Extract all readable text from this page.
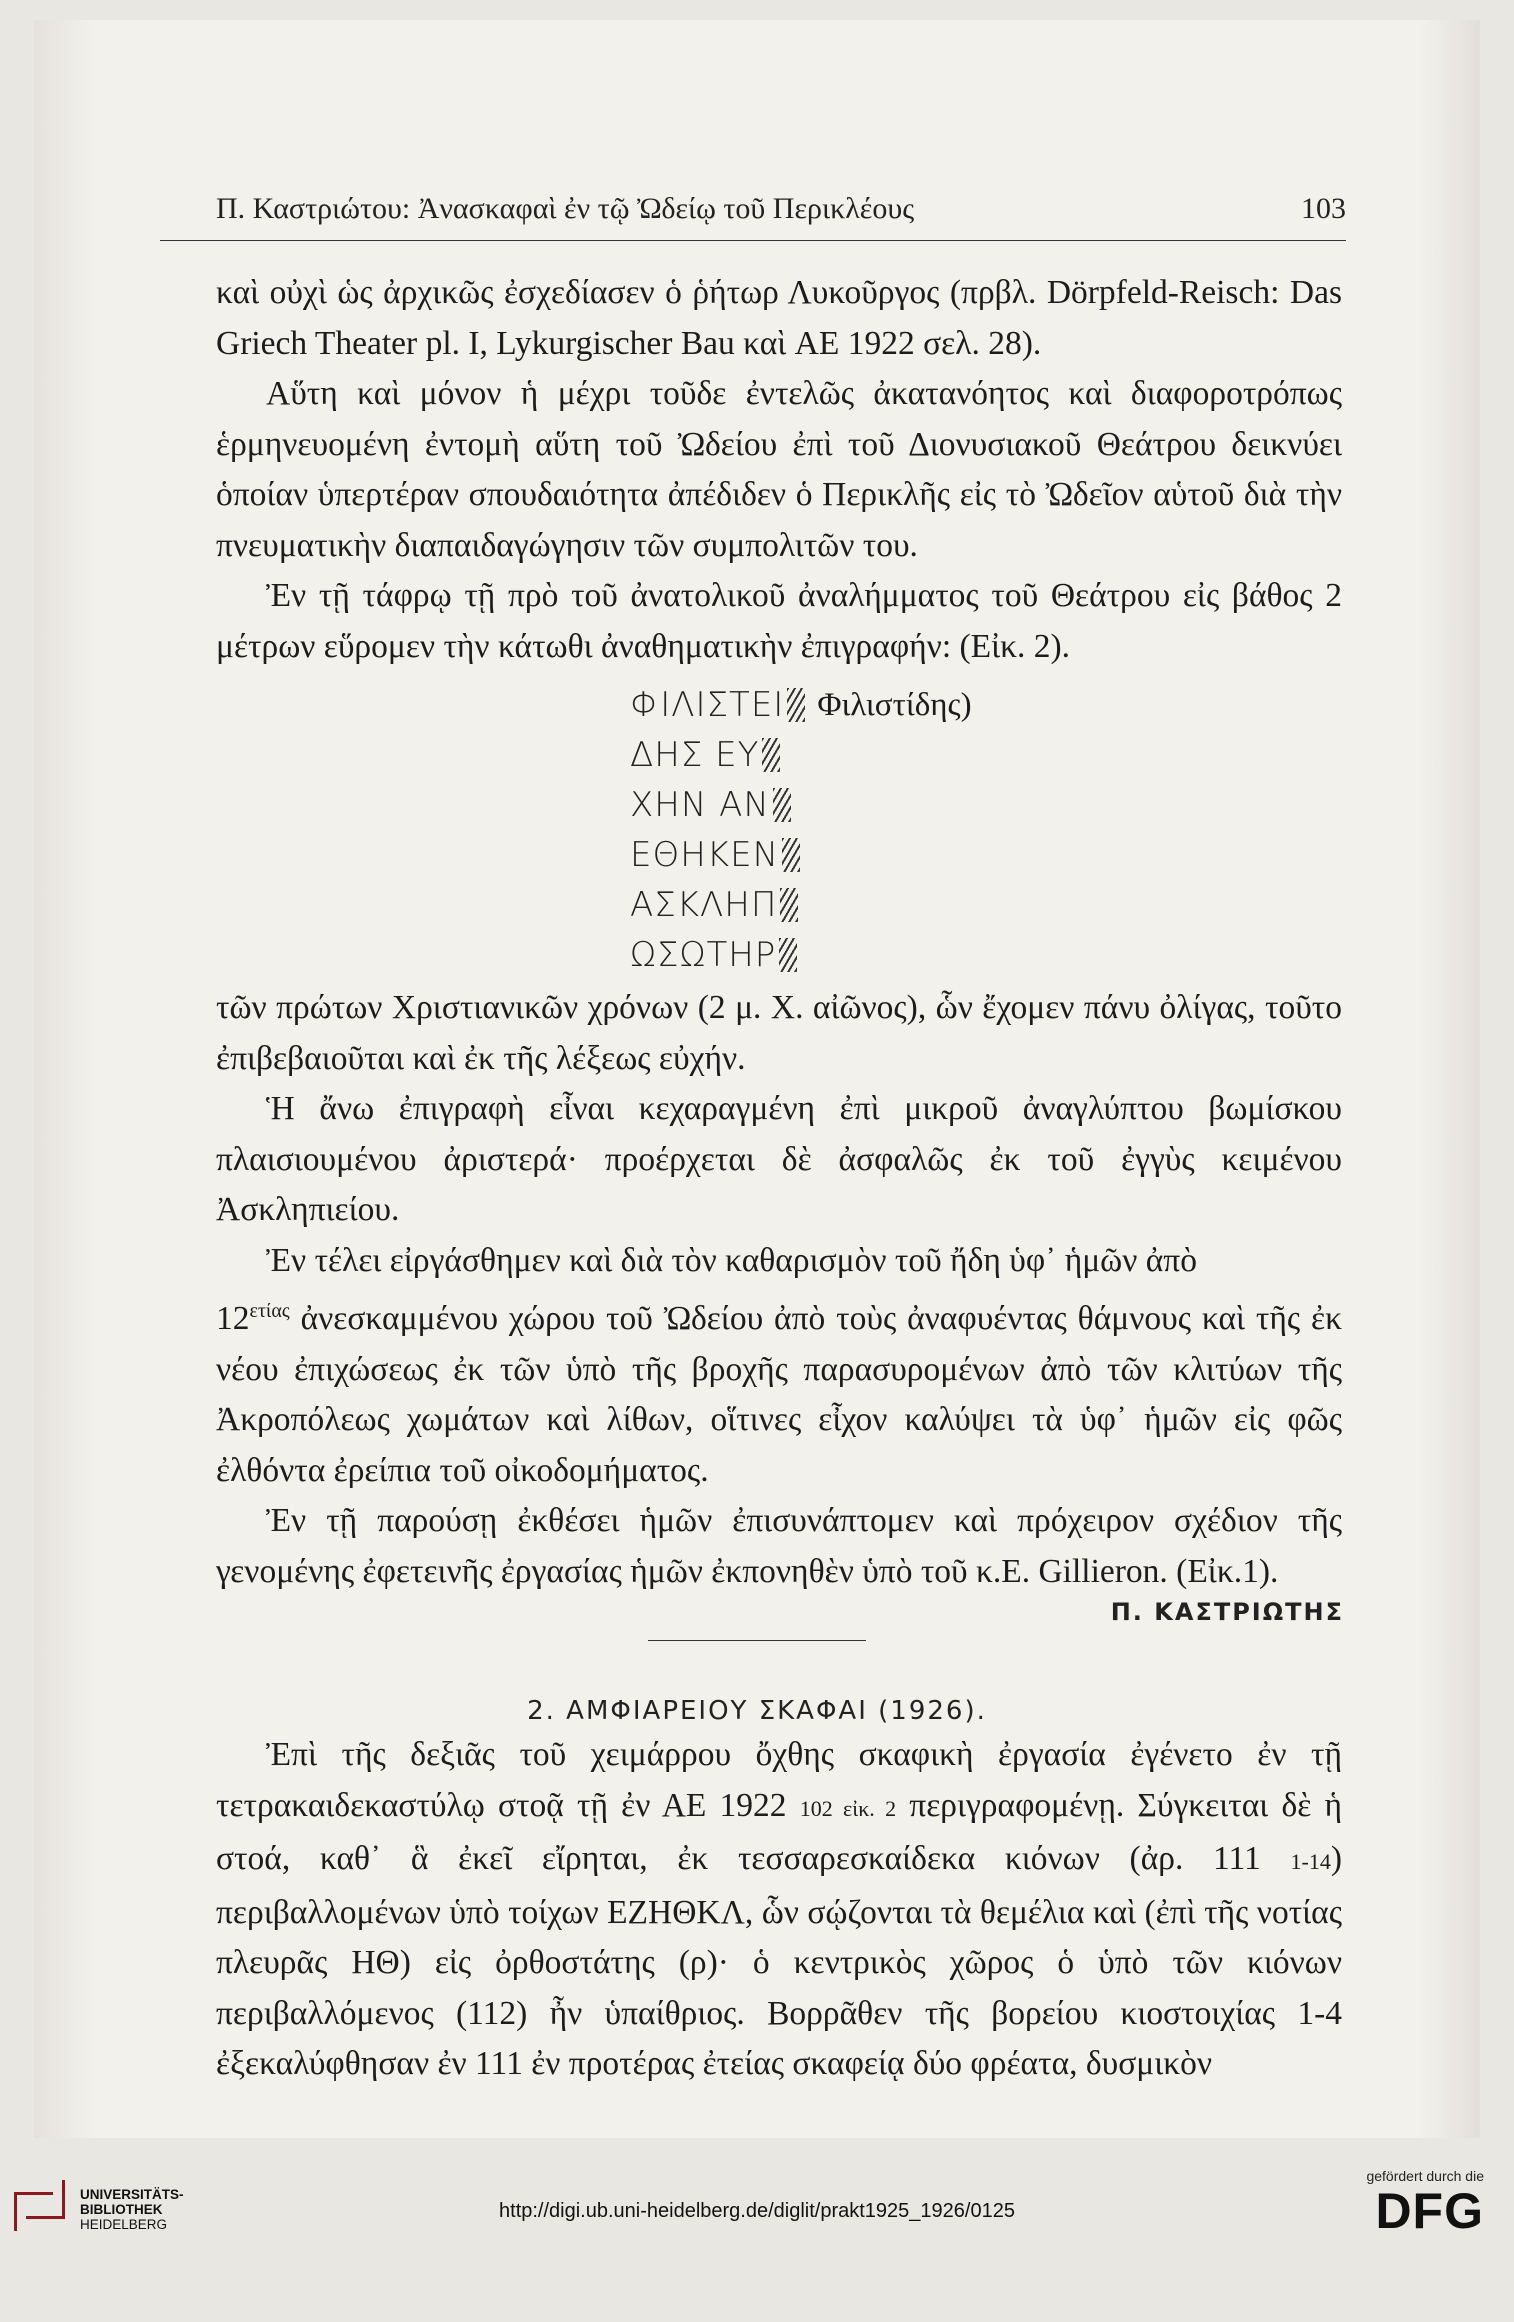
Π. Καστριώτου: Ἀνασκαφαὶ ἐν τῷ Ὠδείῳ τοῦ Περικλέους	103

καὶ οὐχὶ ὡς ἀρχικῶς ἐσχεδίασεν ὁ ῥήτωρ Λυκοῦργος (πρβλ. Dörpfeld-Reisch: Das Griech Theater pl. I, Lykurgischer Bau καὶ AE 1922 σελ. 28).

Αὕτη καὶ μόνον ἡ μέχρι τοῦδε ἐντελῶς ἀκατανόητος καὶ διαφοροτρόπως ἑρμηνευομένη ἐντομὴ αὕτη τοῦ Ὠδείου ἐπὶ τοῦ Διονυσιακοῦ Θεάτρου δεικνύει ὁποίαν ὑπερτέραν σπουδαιότητα ἀπέδιδεν ὁ Περικλῆς εἰς τὸ Ὠδεῖον αὑτοῦ διὰ τὴν πνευματικὴν διαπαιδαγώγησιν τῶν συμπολιτῶν του.

Ἐν τῇ τάφρῳ τῇ πρὸ τοῦ ἀνατολικοῦ ἀναλήμματος τοῦ Θεάτρου εἰς βάθος 2 μέτρων εὕρομεν τὴν κάτωθι ἀναθηματικὴν ἐπιγραφήν: (Εἰκ. 2).

ΦΙΛΙΣΤΕΙ Φιλιστίδης)
ΔΗΣ ΕΥ
ΧΗΝ ΑΝ
ΕΘΗΚΕΝ
ΑΣΚΛΗΠ
ΩΣΩΤΗΡ

τῶν πρώτων Χριστιανικῶν χρόνων (2 μ. Χ. αἰῶνος), ὧν ἔχομεν πάνυ ὀλίγας, τοῦτο ἐπιβεβαιοῦται καὶ ἐκ τῆς λέξεως εὐχήν.

Ἡ ἄνω ἐπιγραφὴ εἶναι κεχαραγμένη ἐπὶ μικροῦ ἀναγλύπτου βωμίσκου πλαισιουμένου ἀριστερά· προέρχεται δὲ ἀσφαλῶς ἐκ τοῦ ἐγγὺς κειμένου Ἀσκληπιείου.

Ἐν τέλει εἰργάσθημεν καὶ διὰ τὸν καθαρισμὸν τοῦ ἤδη ὑφ᾿ ἡμῶν ἀπὸ

$12^{\varepsilon\tau ί\alpha\varsigma}$ ἀνεσκαμμένου χώρου τοῦ Ὠδείου ἀπὸ τοὺς ἀναφυέντας θάμνους καὶ τῆς ἐκ νέου ἐπιχώσεως ἐκ τῶν ὑπὸ τῆς βροχῆς παρασυρομένων ἀπὸ τῶν κλιτύων τῆς Ἀκροπόλεως χωμάτων καὶ λίθων, οἵτινες εἶχον καλύψει τὰ ὑφ᾿ ἡμῶν εἰς φῶς ἐλθόντα ἐρείπια τοῦ οἰκοδομήματος.

Ἐν τῇ παρούσῃ ἐκθέσει ἡμῶν ἐπισυνάπτομεν καὶ πρόχειρον σχέδιον τῆς γενομένης ἐφετεινῆς ἐργασίας ἡμῶν ἐκπονηθὲν ὑπὸ τοῦ κ.Ε. Gillieron. (Εἰκ.1).

Π. ΚΑΣΤΡΙΩΤΗΣ
2. ΑΜΦΙΑΡΕΙΟΥ ΣΚΑΦΑΙ (1926).

Ἐπὶ τῆς δεξιᾶς τοῦ χειμάρρου ὄχθης σκαφικὴ ἐργασία ἐγένετο ἐν τῇ τετρακαιδεκαστύλῳ στοᾷ τῇ ἐν ΑΕ 1922 102 εἰκ. 2 περιγραφομένῃ. Σύγκειται δὲ ἡ στοά, καθ᾿ ἃ ἐκεῖ εἴρηται, ἐκ τεσσαρεσκαίδεκα κιόνων (ἀρ. 111 1-14) περιβαλλομένων ὑπὸ τοίχων ΕΖΗΘΚΛ, ὧν σῴζονται τὰ θεμέλια καὶ (ἐπὶ τῆς νοτίας πλευρᾶς ΗΘ) εἰς ὀρθοστάτης (ρ)· ὁ κεντρικὸς χῶρος ὁ ὑπὸ τῶν κιόνων περιβαλλόμενος (112) ἦν ὑπαίθριος. Βορρᾶθεν τῆς βορείου κιοστοιχίας 1-4 ἐξεκαλύφθησαν ἐν 111 ἐν προτέρας ἐτείας σκαφείᾳ δύο φρέατα, δυσμικὸν

UNIVERSITÄTS-
BIBLIOTHEK
HEIDELBERG
http://digi.ub.uni-heidelberg.de/diglit/prakt1925_1926/0125
gefördert durch die
DFG
